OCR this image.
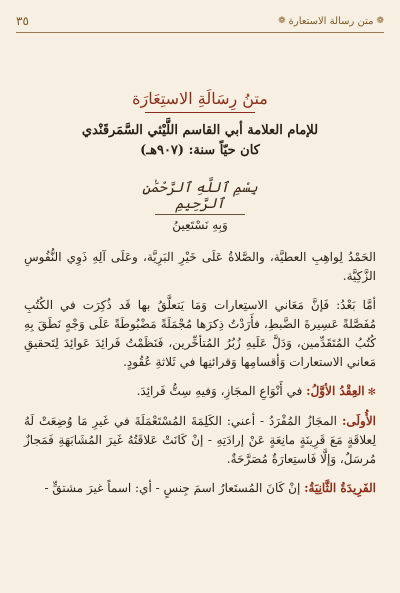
❁
متن رسالة الاستعارة
❁
٣٥

متنُ رِسَالَةِ الاستِعَارَة

للإمام العلامة أبي القاسم اللَّيْثي السَّمَرقَنْدي

كان حيّاً سنة: (٩٠٧هـ)

بِسْمِ ٱللَّهِ ٱلرَّحْمَٰنِ ٱلرَّحِيمِ
وَبِهِ نَسْتَعِينُ

الحَمْدُ لِواهِبِ العطيَّة، والصَّلاةُ عَلَى خَيْرِ البَرِيَّة، وعَلَى آلِهِ ذَوِي النُّفُوسِ الزَّكِيَّة.

أمَّا بَعْدُ: فَإنَّ مَعَاني الاستِعارات وَمَا يَتعلَّقُ بها قَد ذُكِرَت في الكُتُبِ مُفَصَّلةً عَسِيرةَ الضَّبطِ، فأَرَدْتُ ذِكرَها مُجْمَلَةً مَضْبُوطَةً عَلَى وَجْهٍ نَطَقَ بِهِ كُتُبُ المُتَقَدِّمين، وَدَلَّ عَلَيهِ زُبُرُ المُتأخِّرين، فَنَظَمْتُ فَرائِدَ عَوائِدَ لِتَحقيقِ مَعاني الاستعارات وَأقسامِها وَقرائنِها في ثَلاثةِ عُقُودٍ.

✻العِقْدُ الأوَّلُ: في أَنْوَاعِ المجَازِ، وَفيهِ سِتُّ فَرائِدَ.

الأُولَى: المجَازُ المُفْرَدُ - أعني: الكَلِمَةَ المُسْتَعْمَلَةَ في غَيرِ مَا وُضِعَتْ لَهُ لِعلاقَةٍ مَعَ قَرِينَةٍ مانِعَةٍ عَنْ إرادَتِهِ - إنْ كَانَتْ عَلاقَتُهُ غَيرَ المُشَابَهَةِ فَمَجازٌ مُرسَلٌ، وَإلَّا فَاستِعارَةٌ مُصَرَّحَةٌ.

الفَرِيدَةُ الثَّانِيَةُ: إنْ كَانَ المُستَعارُ اسمَ جِنسٍ - أي: اسماً غيرَ مشتقٍّ -
